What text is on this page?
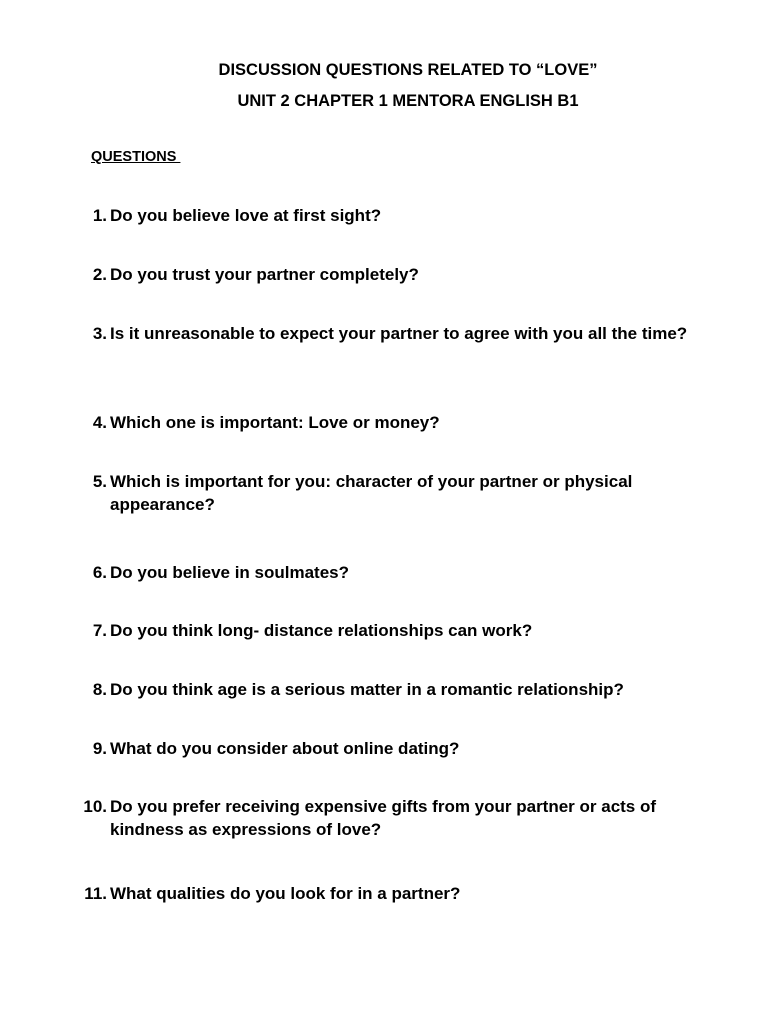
DISCUSSION QUESTIONS RELATED TO “LOVE”
UNIT 2 CHAPTER 1 MENTORA ENGLISH B1
QUESTIONS
1. Do you believe love at first sight?
2. Do you trust your partner completely?
3. Is it unreasonable to expect your partner to agree with you all the time?
4. Which one is important: Love or money?
5. Which is important for you: character of your partner or physical appearance?
6. Do you believe in soulmates?
7. Do you think long- distance relationships can work?
8. Do you think age is a serious matter in a romantic relationship?
9. What do you consider about online dating?
10. Do you prefer receiving expensive gifts from your partner or acts of kindness as expressions of love?
11. What qualities do you look for in a partner?
